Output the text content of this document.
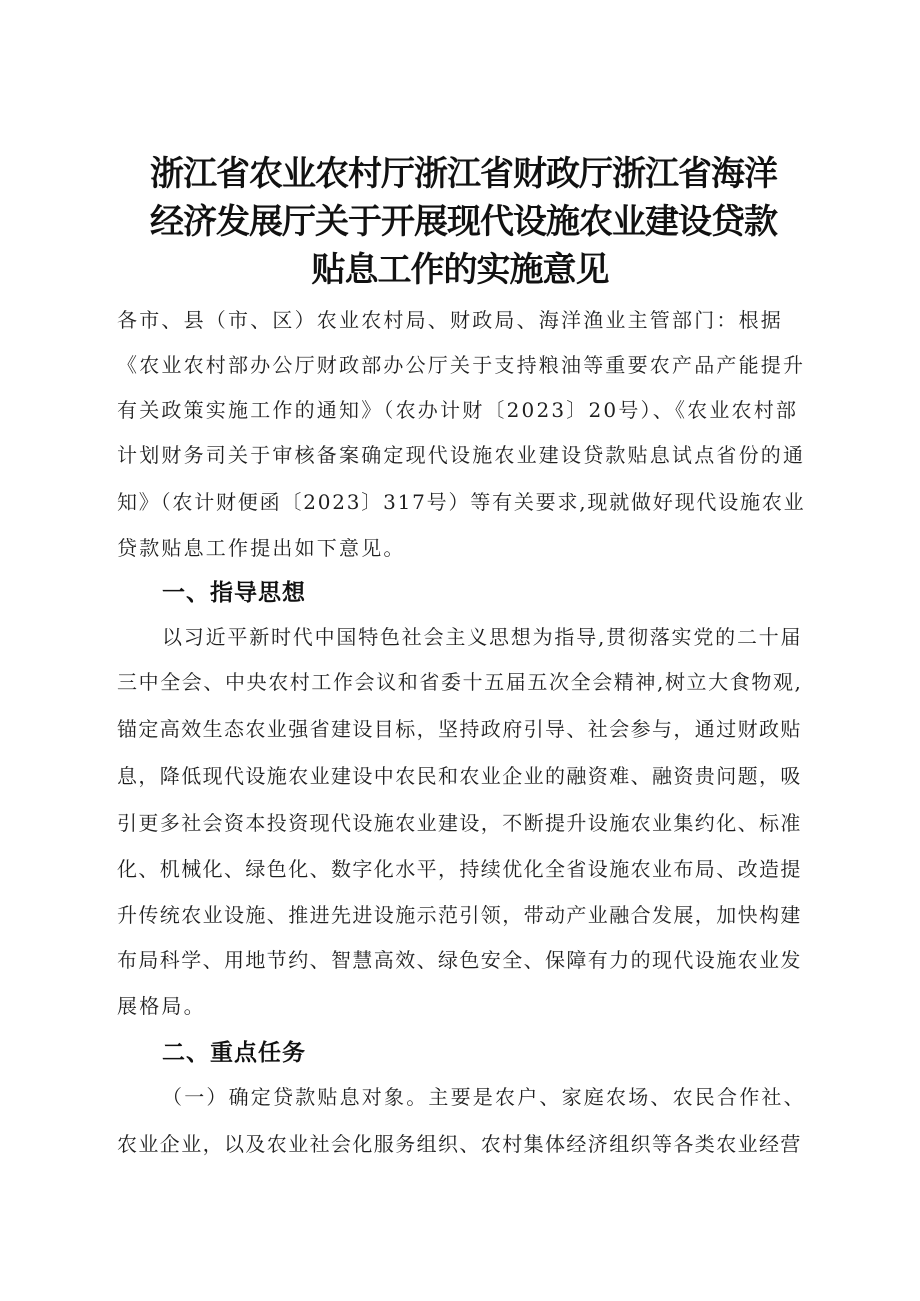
浙江省农业农村厅浙江省财政厅浙江省海洋
经济发展厅关于开展现代设施农业建设贷款
贴息工作的实施意见
各市、县（市、区）农业农村局、财政局、海洋渔业主管部门：根据
《农业农村部办公厅财政部办公厅关于支持粮油等重要农产品产能提升
有关政策实施工作的通知》（农办计财〔2023〕20号）、《农业农村部
计划财务司关于审核备案确定现代设施农业建设贷款贴息试点省份的通
知》（农计财便函〔2023〕317号）等有关要求,现就做好现代设施农业
贷款贴息工作提出如下意见。
一、指导思想
以习近平新时代中国特色社会主义思想为指导,贯彻落实党的二十届
三中全会、中央农村工作会议和省委十五届五次全会精神,树立大食物观,
锚定高效生态农业强省建设目标，坚持政府引导、社会参与，通过财政贴
息，降低现代设施农业建设中农民和农业企业的融资难、融资贵问题，吸
引更多社会资本投资现代设施农业建设，不断提升设施农业集约化、标准
化、机械化、绿色化、数字化水平，持续优化全省设施农业布局、改造提
升传统农业设施、推进先进设施示范引领，带动产业融合发展，加快构建
布局科学、用地节约、智慧高效、绿色安全、保障有力的现代设施农业发
展格局。
二、重点任务
（一）确定贷款贴息对象。主要是农户、家庭农场、农民合作社、
农业企业，以及农业社会化服务组织、农村集体经济组织等各类农业经营
